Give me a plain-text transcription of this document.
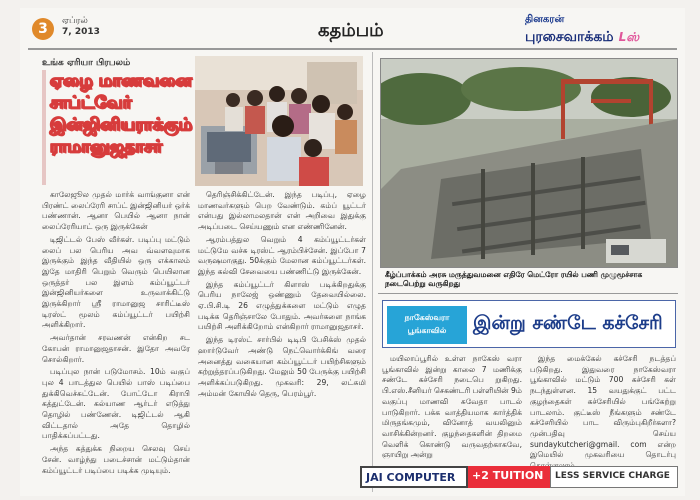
3	ஏப்ரல்
7, 2013	கதம்பம்
தினகரன்
புரசைவாக்கம் Lஸ்
உங்க ஏரியா பிரபலம்
ஏழை மாணவனை
சாப்ட்வேர்
இன்ஜினியராக்கும்
ராமானுஜதாசர்

காலேஜூல முதல் மார்க் வாங்குனா என் பிரண்ட் லைப்ரேரி சாப்ட் இன்ஜினியர் ஒர்க் பண்ணான். ஆனா பெயில் ஆனா நான் லைப்ரேரியாட் ஒரு இருக்கேன்

டிஜிட்டல் பேஸ் வீர்கள். படிப்பு மட்டும் லைப் பல பெரிய அவ வ்வளவுமாக இருக்கும் இந்த வீதியில் ஒரு எக்காலம் இதே மாதிரி பெறும் வெரும் பெயிலான ஒருத்தர் பல இளம் கம்ப்யூட்டர் இன்ஜினியர்களை உருவாக்கிட்டு இருக்கிறார் ஸ்ரீ ராமானுஜ சாரிட்டீஸ் டிரஸ்ட் மூலம் கம்ப்யூட்டர் பயிற்சி அளிக்கிறார்.

அவர்தான் சரவணன் என்கிற சட கோபன் ராமானுஜதாசன். இதோ அவரே சொல்கிறார்.

படிப்புல நான் படுமோசம். 10ம் வகுப் புல 4 பாடத்துல பெயில் பாஸ் படிப்பை துக்கிவெச்சுட்டேன். போட்டோ கிராபி கத்துட்டேன். கல்யாண ஆர்டர் எடுத்து தொழில் பண்ணேன். டிஜிட்டல் ஆகி விட்டதால் அதே தொழில் பாதிக்கப்பட்டது.

அந்த கத்துக்க நிறைய செலவு செய் சேன். வாழ்ந்து படைச்சான் மட்டும்தான் கம்ப்யூட்டர் படிப்பை படிக்க முடியும்.

தெரிஞ்சிக்கிட்டேன். இந்த படிப்பு, ஏழை மாணவர்களும் பெற வேண்டும். கம்ப் யூட்டர் என்பது இல்லாமலதான் என் அறிவை இதுக்கு அடிப்படை செய்யணும் என எண்ணினேன்.

ஆரம்பத்துல வெறும் 4 கம்ப்யூட்டர்கள் மட்டுமே வச்சு டிரஸ்ட் ஆரம்பிச்சேன். இப்போ 7 வருஷமாகுது. 50க்கும் மேலான கம்ப்யூட்டர்கள். இந்த கல்வி சேவையை பண்ணிட்டு இருக்கேன்.

இந்த கம்ப்யூட்டர் கிளாஸ் படிக்கிறதுக்கு பெரிய நாலேஜ் ஒண்ணும் தேவையில்லை. ஏ.பி.சி.டி 26 எழுத்துக்களை மட்டும் எழுத படிக்க தெரிஞ்சாலே போதும். அவர்களை நாங்க பயிற்சி அளிக்கிறோம் என்கிறார் ராமானுஜதாசர்.

இந்த டிரஸ்ட் சார்பில் டிடிபி பேசிக்ஸ் முதல் ஹார்டுவேர் அண்டு நெட்வொர்க்கிங் வரை அனைத்து வகையான கம்ப்யூட்டர் பயிற்சிகளும் கற்றுத்தரப்படுகிறது. மேலும் 50 பேருக்கு பயிற்சி அளிக்கப்படுகிறது. முகவரி: 29, லட்சுமி அம்மன் கோயில் தெரு, பெரம்பூர்.

கீழ்ப்பாக்கம் அரசு மருத்துவமனை எதிரே மெட்ரோ ரயில் பணி முழுமூச்சாக நடைபெற்று வருகிறது
நாகேஸ்வரா பூங்காவில்	இன்று சண்டே கச்சேரி

மயிலாப்பூரில் உள்ள நாகேஸ் வரா பூங்காவில் இன்று காலை 7 மணிக்கு சண்டே கச்சேரி நடைபெ றுகிறது. பி.எஸ்.சீனியர் செகண்டரி பள்ளியின் 9ம் வகுப்பு மாணவி சுவேதா பாடல் பாடுகிறார். பக்க வாத்தியமாக கார்த்திக் மிருதங்கமும், வினோத் வயலினும் வாசிக்கின்றனர். குழந்தைகளின் திறமை வெளிக் கொண்டு வருவதற்காகவே, ஞாயிறு அன்று

இந்த மைக்கேல் கச்சேரி நடத்தப் படுகிறது. இதுவரை நாகேஸ்வரா பூங்காவில் மட்டும் 700 கச்சேரி கள் நடந்துள்ளன. 15 வயதுக்குட் பட்ட குழந்தைகள் கச்சேரியில் பங்கேற்று பாடலாம். குட்டீஸ் நீங்களும் சண்டே கச்சேரியில் பாட விரும்புகிறீர்களா? முன்பதிவு செய்ய sundaykutcheri@gmail. com என்ற இமெயில் முகவரியை தொடர்பு

JAI COMPUTER	+2 TUITION	LESS SERVICE CHARGE
